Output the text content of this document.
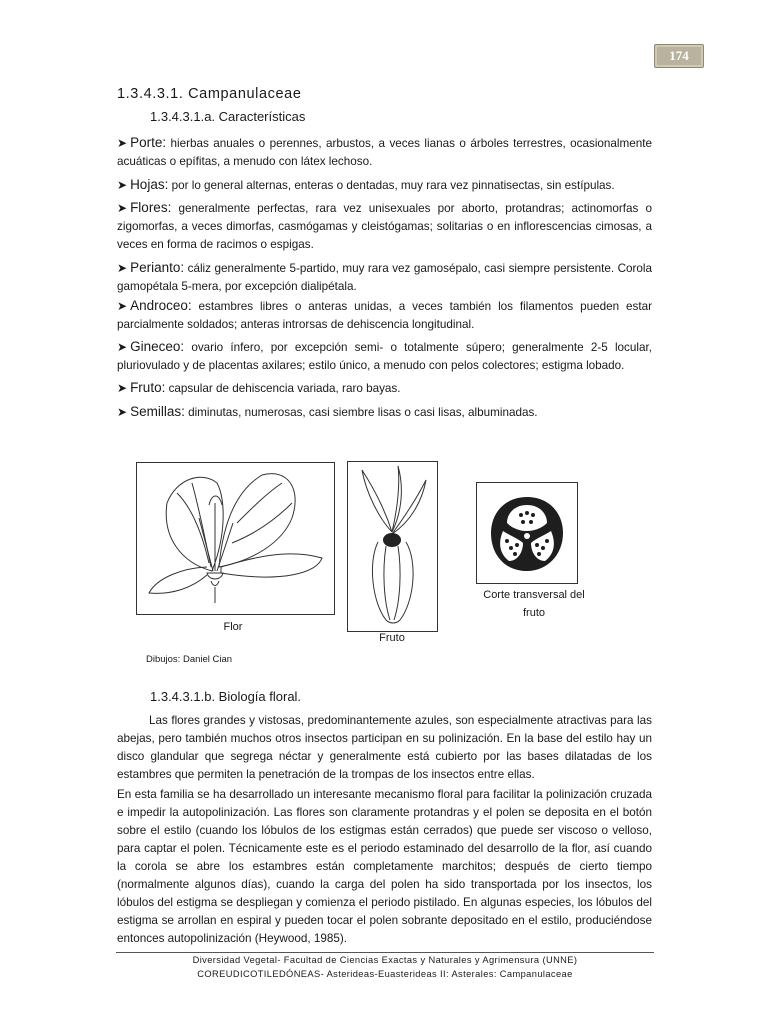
174
1.3.4.3.1. Campanulaceae
1.3.4.3.1.a. Características
➤ Porte: hierbas anuales o perennes, arbustos, a veces lianas o árboles terrestres, ocasionalmente acuáticas o epífitas, a menudo con látex lechoso.
➤ Hojas: por lo general alternas, enteras o dentadas, muy rara vez pinnatisectas, sin estípulas.
➤ Flores: generalmente perfectas, rara vez unisexuales por aborto, protandras; actinomorfas o zigomorfas, a veces dimorfas, casmógamas y cleistógamas; solitarias o en inflorescencias cimosas, a veces en forma de racimos o espigas.
➤ Perianto: cáliz generalmente 5-partido, muy rara vez gamosépalo, casi siempre persistente. Corola gamopétala 5-mera, por excepción dialipétala.
➤ Androceo: estambres libres o anteras unidas, a veces también los filamentos pueden estar parcialmente soldados; anteras introrsas de dehiscencia longitudinal.
➤ Gineceo: ovario ínfero, por excepción semi- o totalmente súpero; generalmente 2-5 locular, pluriovulado y de placentas axilares; estilo único, a menudo con pelos colectores; estigma lobado.
➤ Fruto: capsular de dehiscencia variada, raro bayas.
➤ Semillas: diminutas, numerosas, casi siembre lisas o casi lisas, albuminadas.
Flor
Fruto
Corte transversal del
fruto
Dibujos: Daniel Cian
1.3.4.3.1.b. Biología floral.
Las flores grandes y vistosas, predominantemente azules, son especialmente atractivas para las abejas, pero también muchos otros insectos participan en su polinización. En la base del estilo hay un disco glandular que segrega néctar y generalmente está cubierto por las bases dilatadas de los estambres que permiten la penetración de la trompas de los insectos entre ellas.
En esta familia se ha desarrollado un interesante mecanismo floral para facilitar la polinización cruzada e impedir la autopolinización. Las flores son claramente protandras y el polen se deposita en el botón sobre el estilo (cuando los lóbulos de los estigmas están cerrados) que puede ser viscoso o velloso, para captar el polen. Técnicamente este es el periodo estaminado del desarrollo de la flor, así cuando la corola se abre los estambres están completamente marchitos; después de cierto tiempo (normalmente algunos días), cuando la carga del polen ha sido transportada por los insectos, los lóbulos del estigma se despliegan y comienza el periodo pistilado. En algunas especies, los lóbulos del estigma se arrollan en espiral y pueden tocar el polen sobrante depositado en el estilo, produciéndose entonces autopolinización (Heywood, 1985).
Diversidad Vegetal- Facultad de Ciencias Exactas y Naturales y Agrimensura (UNNE)
COREUDICOTILEDÓNEAS- Asterideas-Euasterideas II: Asterales: Campanulaceae
